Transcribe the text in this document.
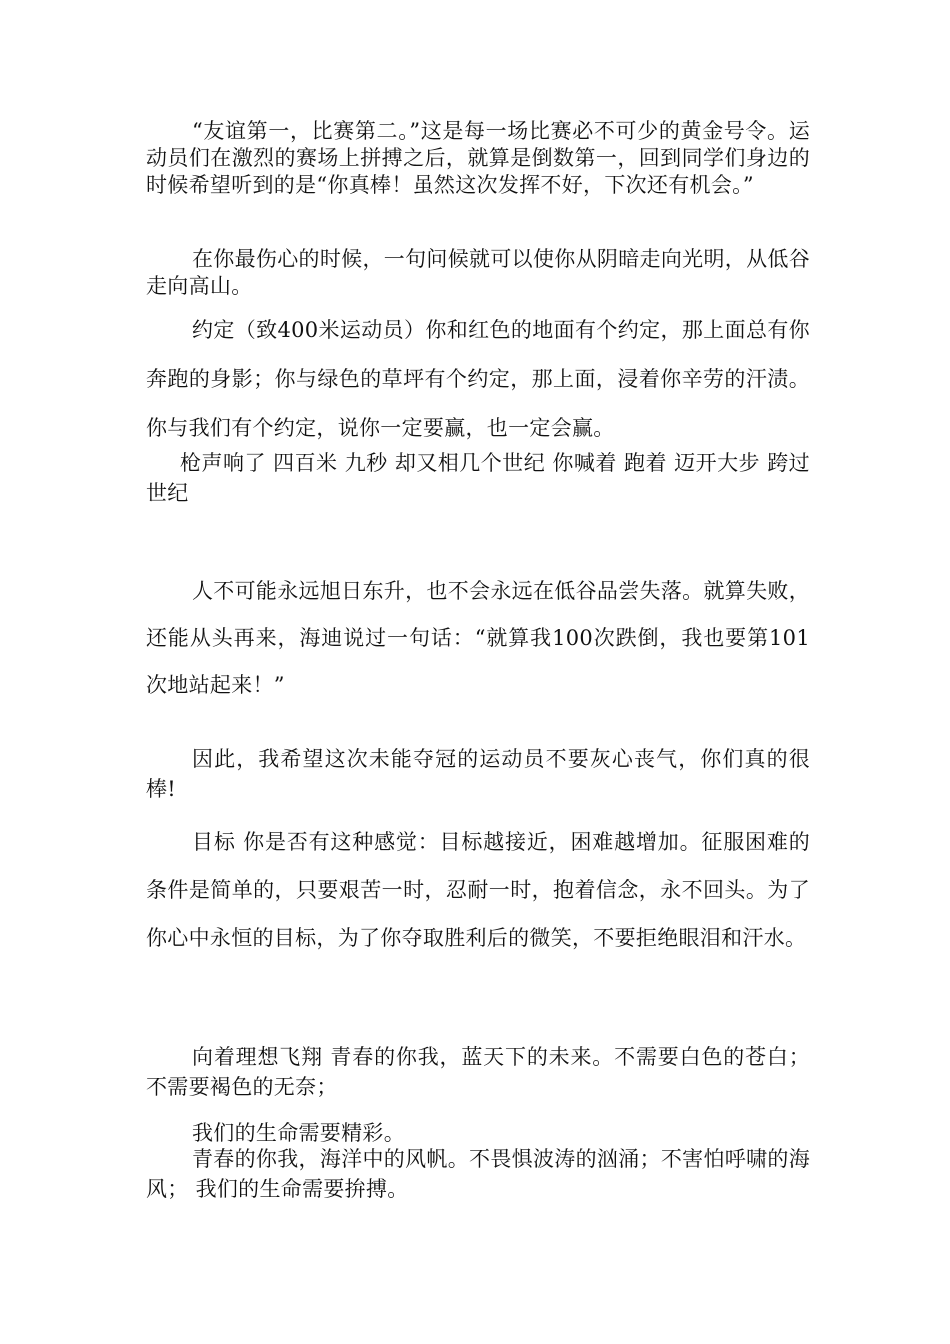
“友谊第一，比赛第二。”这是每一场比赛必不可少的黄金号令。运动员们在激烈的赛场上拼搏之后，就算是倒数第一，回到同学们身边的时候希望听到的是“你真棒！虽然这次发挥不好，下次还有机会。”

在你最伤心的时候，一句问候就可以使你从阴暗走向光明，从低谷走向高山。

约定（致400米运动员）你和红色的地面有个约定，那上面总有你奔跑的身影；你与绿色的草坪有个约定，那上面，浸着你辛劳的汗渍。你与我们有个约定，说你一定要赢，也一定会赢。

枪声响了 四百米 九秒 却又相几个世纪 你喊着 跑着 迈开大步 跨过世纪

人不可能永远旭日东升，也不会永远在低谷品尝失落。就算失败，还能从头再来，海迪说过一句话：“就算我100次跌倒，我也要第101次地站起来！”

因此，我希望这次未能夺冠的运动员不要灰心丧气，你们真的很棒!

目标 你是否有这种感觉：目标越接近，困难越增加。征服困难的条件是简单的，只要艰苦一时，忍耐一时，抱着信念，永不回头。为了你心中永恒的目标，为了你夺取胜利后的微笑，不要拒绝眼泪和汗水。

向着理想飞翔 青春的你我，蓝天下的未来。不需要白色的苍白； 不需要褐色的无奈；

我们的生命需要精彩。

青春的你我，海洋中的风帆。不畏惧波涛的汹涌；不害怕呼啸的海风； 我们的生命需要拚搏。
